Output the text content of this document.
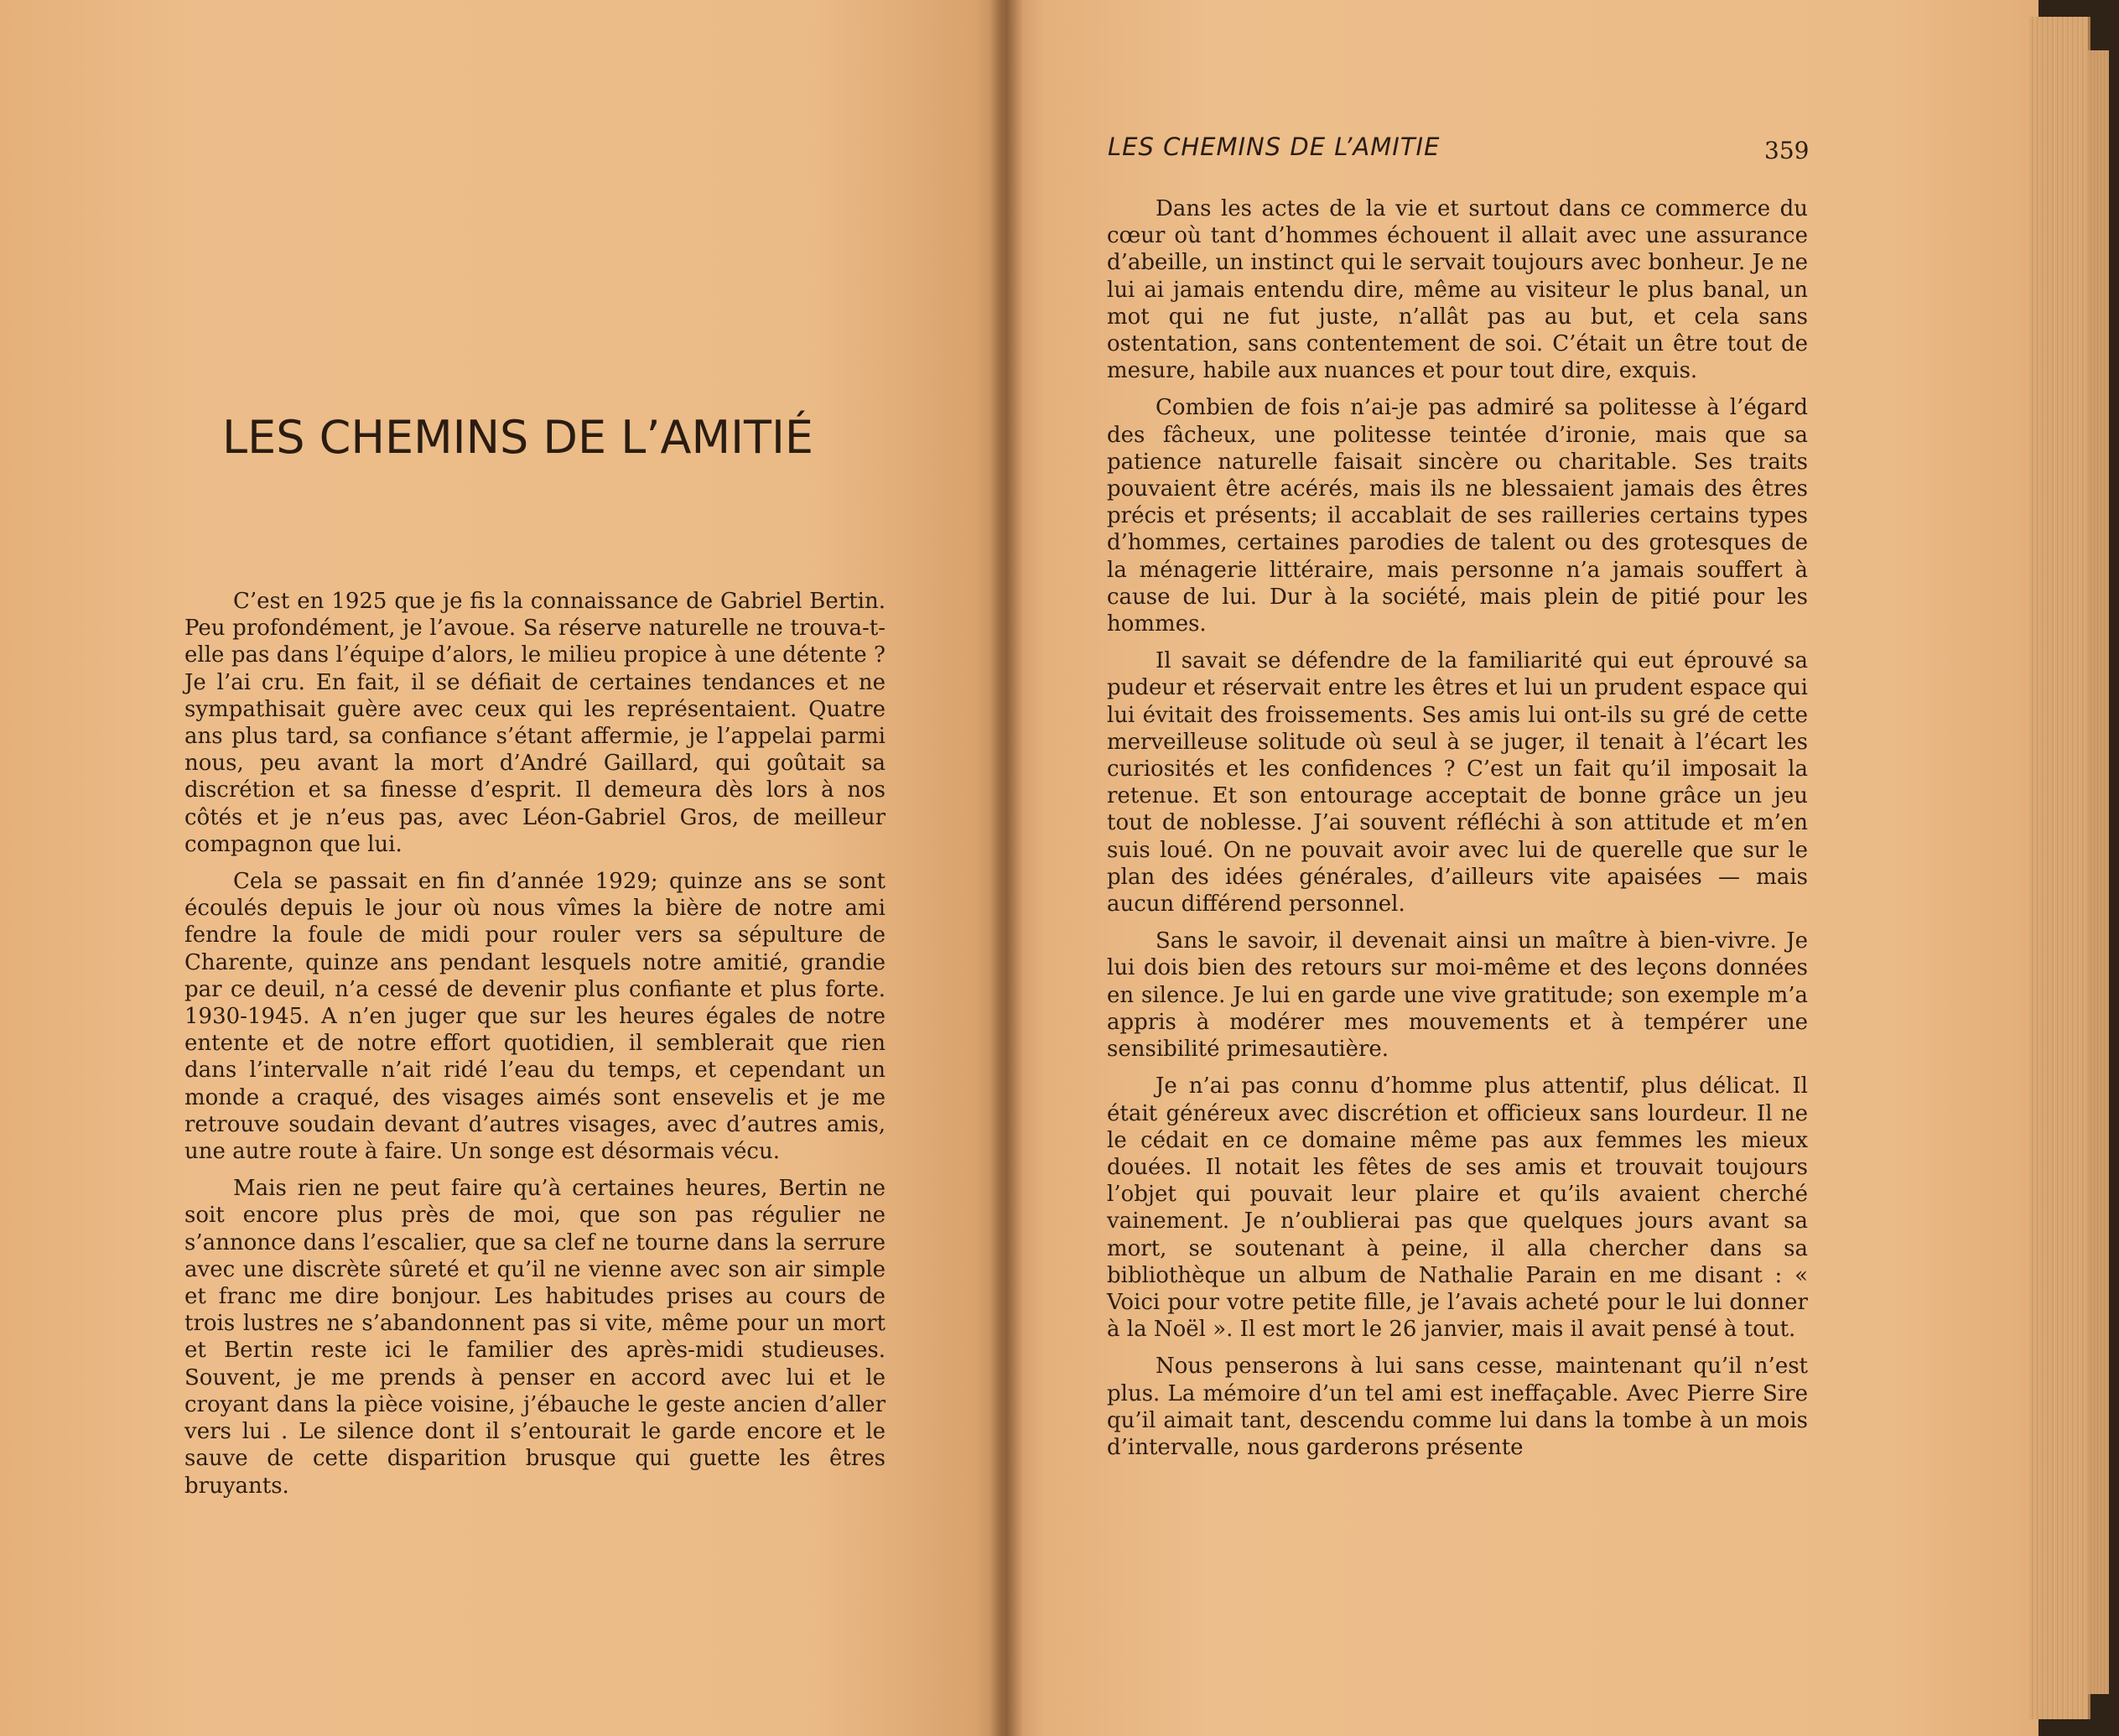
LES CHEMINS DE L’AMITIÉ

C’est en 1925 que je fis la connaissance de Gabriel Bertin. Peu profondément, je l’avoue. Sa réserve naturelle ne trouva-t-elle pas dans l’équipe d’alors, le milieu propice à une détente ? Je l’ai cru. En fait, il se défiait de certaines tendances et ne sympathisait guère avec ceux qui les représentaient. Quatre ans plus tard, sa confiance s’étant affermie, je l’appelai parmi nous, peu avant la mort d’André Gaillard, qui goûtait sa discrétion et sa finesse d’esprit. Il demeura dès lors à nos côtés et je n’eus pas, avec Léon-Gabriel Gros, de meilleur compagnon que lui.

Cela se passait en fin d’année 1929; quinze ans se sont écoulés depuis le jour où nous vîmes la bière de notre ami fendre la foule de midi pour rouler vers sa sépulture de Charente, quinze ans pendant lesquels notre amitié, grandie par ce deuil, n’a cessé de devenir plus confiante et plus forte. 1930-1945. A n’en juger que sur les heures égales de notre entente et de notre effort quotidien, il semblerait que rien dans l’intervalle n’ait ridé l’eau du temps, et cependant un monde a craqué, des visages aimés sont ensevelis et je me retrouve soudain devant d’autres visages, avec d’autres amis, une autre route à faire. Un songe est désormais vécu.

Mais rien ne peut faire qu’à certaines heures, Bertin ne soit encore plus près de moi, que son pas régulier ne s’annonce dans l’escalier, que sa clef ne tourne dans la serrure avec une discrète sûreté et qu’il ne vienne avec son air simple et franc me dire bonjour. Les habitudes prises au cours de trois lustres ne s’abandonnent pas si vite, même pour un mort et Bertin reste ici le familier des après-midi studieuses. Souvent, je me prends à penser en accord avec lui et le croyant dans la pièce voisine, j’ébauche le geste ancien d’aller vers lui . Le silence dont il s’entourait le garde encore et le sauve de cette disparition brusque qui guette les êtres bruyants.

LES CHEMINS DE L’AMITIE	359

Dans les actes de la vie et surtout dans ce commerce du cœur où tant d’hommes échouent il allait avec une assurance d’abeille, un instinct qui le servait toujours avec bonheur. Je ne lui ai jamais entendu dire, même au visiteur le plus banal, un mot qui ne fut juste, n’allât pas au but, et cela sans ostentation, sans contentement de soi. C’était un être tout de mesure, habile aux nuances et pour tout dire, exquis.

Combien de fois n’ai-je pas admiré sa politesse à l’égard des fâcheux, une politesse teintée d’ironie, mais que sa patience naturelle faisait sincère ou charitable. Ses traits pouvaient être acérés, mais ils ne blessaient jamais des êtres précis et présents; il accablait de ses railleries certains types d’hommes, certaines parodies de talent ou des grotesques de la ménagerie littéraire, mais personne n’a jamais souffert à cause de lui. Dur à la société, mais plein de pitié pour les hommes.

Il savait se défendre de la familiarité qui eut éprouvé sa pudeur et réservait entre les êtres et lui un prudent espace qui lui évitait des froissements. Ses amis lui ont-ils su gré de cette merveilleuse solitude où seul à se juger, il tenait à l’écart les curiosités et les confidences ? C’est un fait qu’il imposait la retenue. Et son entourage acceptait de bonne grâce un jeu tout de noblesse. J’ai souvent réfléchi à son attitude et m’en suis loué. On ne pouvait avoir avec lui de querelle que sur le plan des idées générales, d’ailleurs vite apaisées — mais aucun différend personnel.

Sans le savoir, il devenait ainsi un maître à bien-vivre. Je lui dois bien des retours sur moi-même et des leçons données en silence. Je lui en garde une vive gratitude; son exemple m’a appris à modérer mes mouvements et à tempérer une sensibilité primesautière.

Je n’ai pas connu d’homme plus attentif, plus délicat. Il était généreux avec discrétion et officieux sans lourdeur. Il ne le cédait en ce domaine même pas aux femmes les mieux douées. Il notait les fêtes de ses amis et trouvait toujours l’objet qui pouvait leur plaire et qu’ils avaient cherché vainement. Je n’oublierai pas que quelques jours avant sa mort, se soutenant à peine, il alla chercher dans sa bibliothèque un album de Nathalie Parain en me disant : « Voici pour votre petite fille, je l’avais acheté pour le lui donner à la Noël ». Il est mort le 26 janvier, mais il avait pensé à tout.

Nous penserons à lui sans cesse, maintenant qu’il n’est plus. La mémoire d’un tel ami est ineffaçable. Avec Pierre Sire qu’il aimait tant, descendu comme lui dans la tombe à un mois d’intervalle, nous garderons présente
